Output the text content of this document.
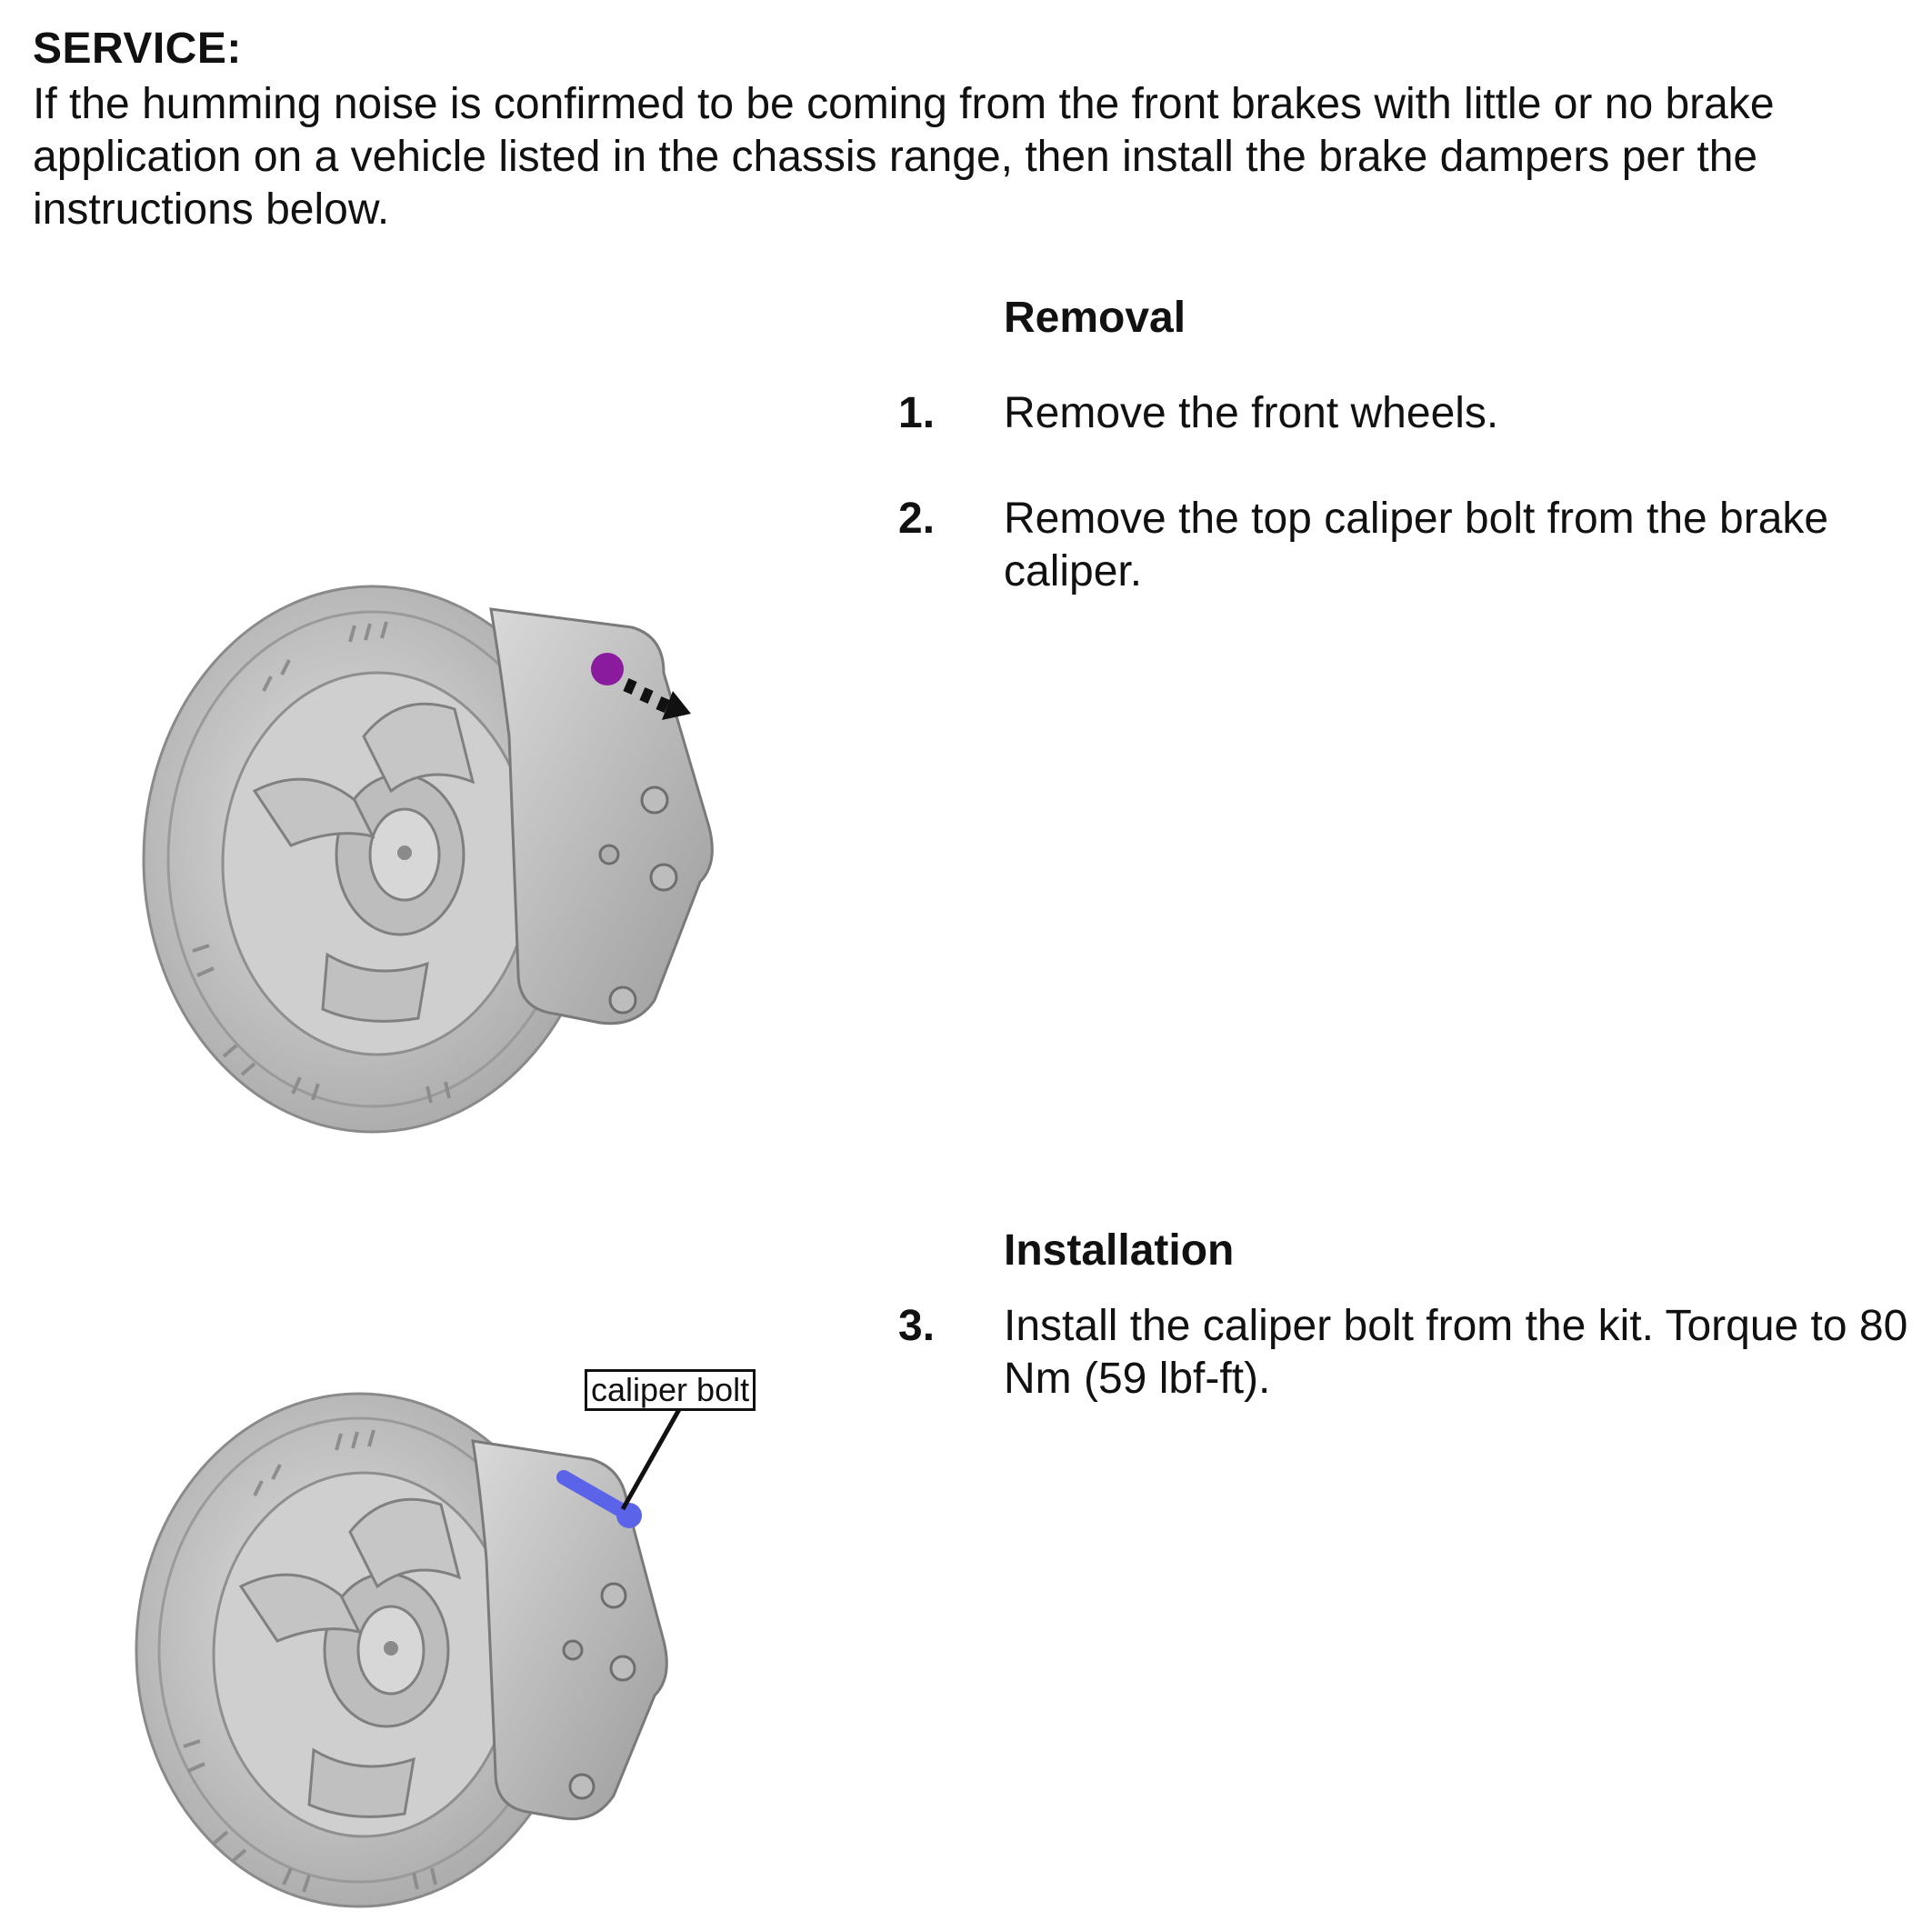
SERVICE:
If the humming noise is confirmed to be coming from the front brakes with little or no brake application on a vehicle listed in the chassis range, then install the brake dampers per the instructions below.
Removal
1. Remove the front wheels.
2. Remove the top caliper bolt from the brake caliper.
Installation
3. Install the caliper bolt from the kit. Torque to 80 Nm (59 lbf-ft).
caliper bolt
